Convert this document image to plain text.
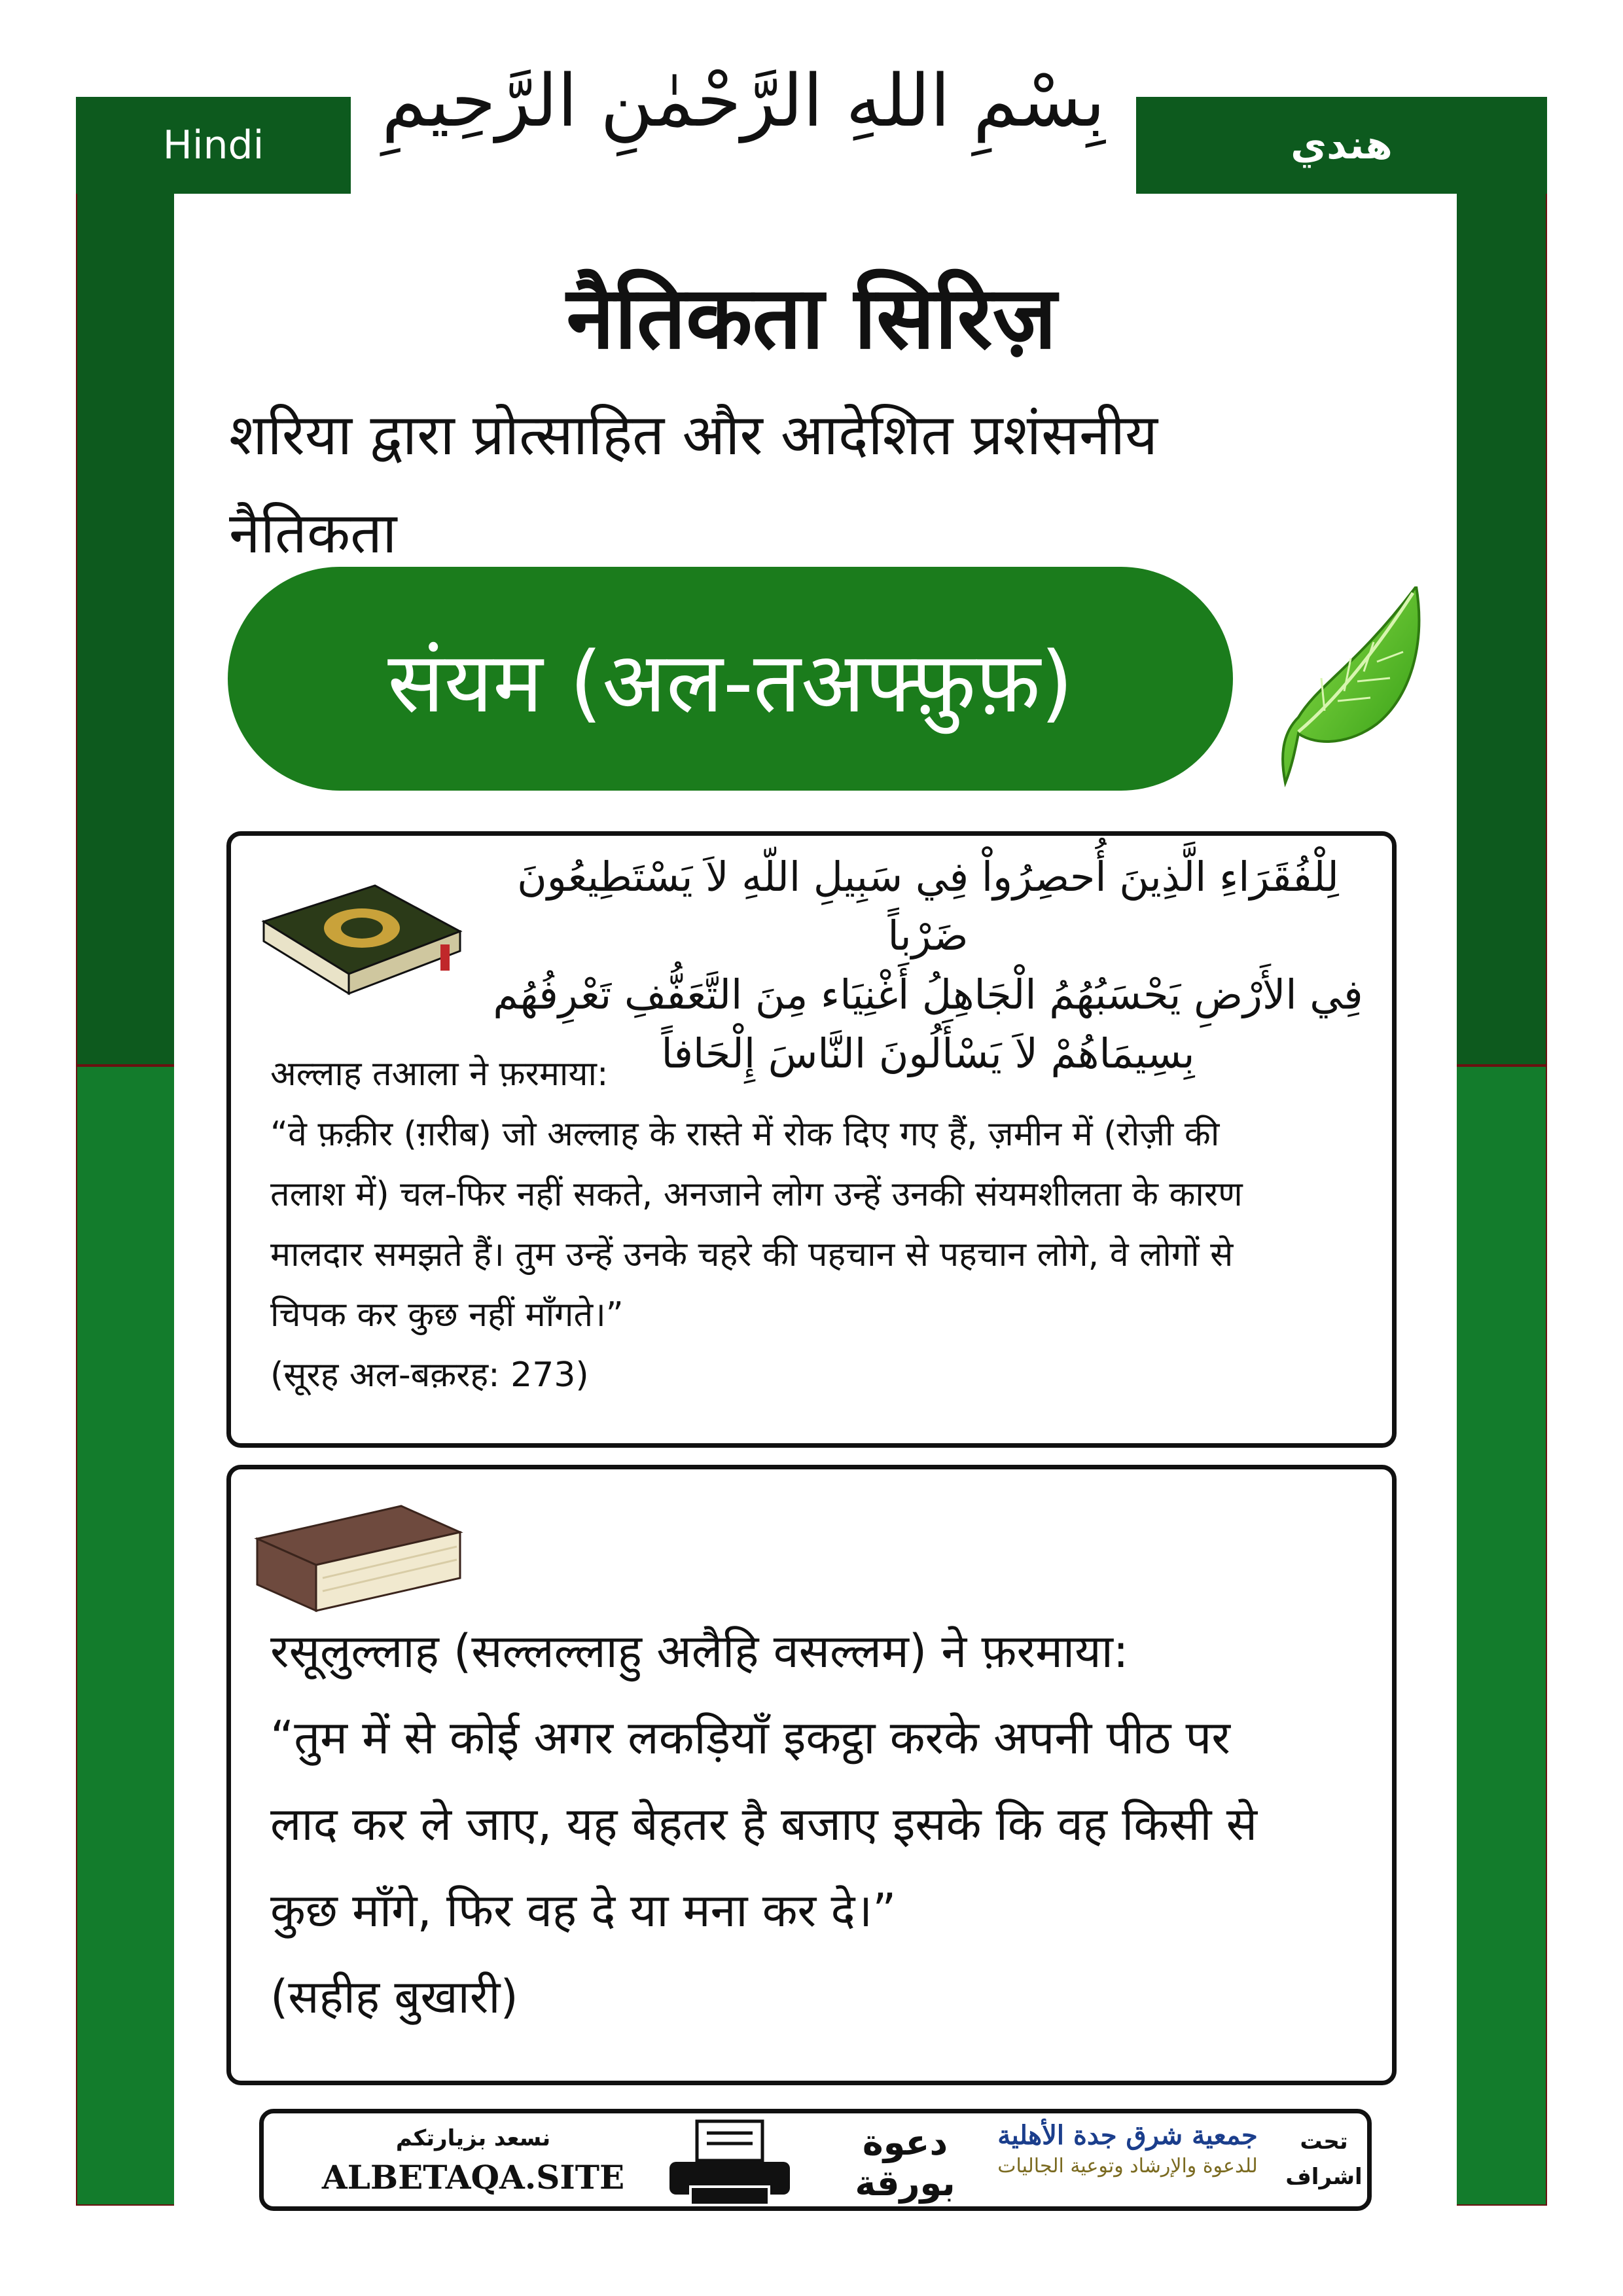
Hindi	هندي
بِسْمِ اللهِ الرَّحْمٰنِ الرَّحِيمِ
नैतिकता सिरिज़
शरिया द्वारा प्रोत्साहित और आदेशित प्रशंसनीय
नैतिकता
संयम (अल-तअफ्फ़ुफ़)
لِلْفُقَرَاءِ الَّذِينَ أُحصِرُواْ فِي سَبِيلِ اللّهِ لاَ يَسْتَطِيعُونَ ضَرْباً
فِي الأَرْضِ يَحْسَبُهُمُ الْجَاهِلُ أَغْنِيَاء مِنَ التَّعَفُّفِ تَعْرِفُهُم
بِسِيمَاهُمْ لاَ يَسْأَلُونَ النَّاسَ إِلْحَافاً
अल्लाह तआला ने फ़रमाया:
“वे फ़क़ीर (ग़रीब) जो अल्लाह के रास्ते में रोक दिए गए हैं, ज़मीन में (रोज़ी की
तलाश में) चल-फिर नहीं सकते, अनजाने लोग उन्हें उनकी संयमशीलता के कारण
मालदार समझते हैं। तुम उन्हें उनके चहरे की पहचान से पहचान लोगे, वे लोगों से
चिपक कर कुछ नहीं माँगते।”
(सूरह अल-बक़रह: 273)
रसूलुल्लाह (सल्लल्लाहु अलैहि वसल्लम) ने फ़रमाया:
“तुम में से कोई अगर लकड़ियाँ इकट्ठा करके अपनी पीठ पर
लाद कर ले जाए, यह बेहतर है बजाए इसके कि वह किसी से
कुछ माँगे, फिर वह दे या मना कर दे।”
(सहीह बुखारी)
نسعد بزيارتكم
ALBETAQA.SITE
دعوة
بورقة
جمعية شرق جدة الأهلية
للدعوة والإرشاد وتوعية الجاليات
تحت
اشراف
